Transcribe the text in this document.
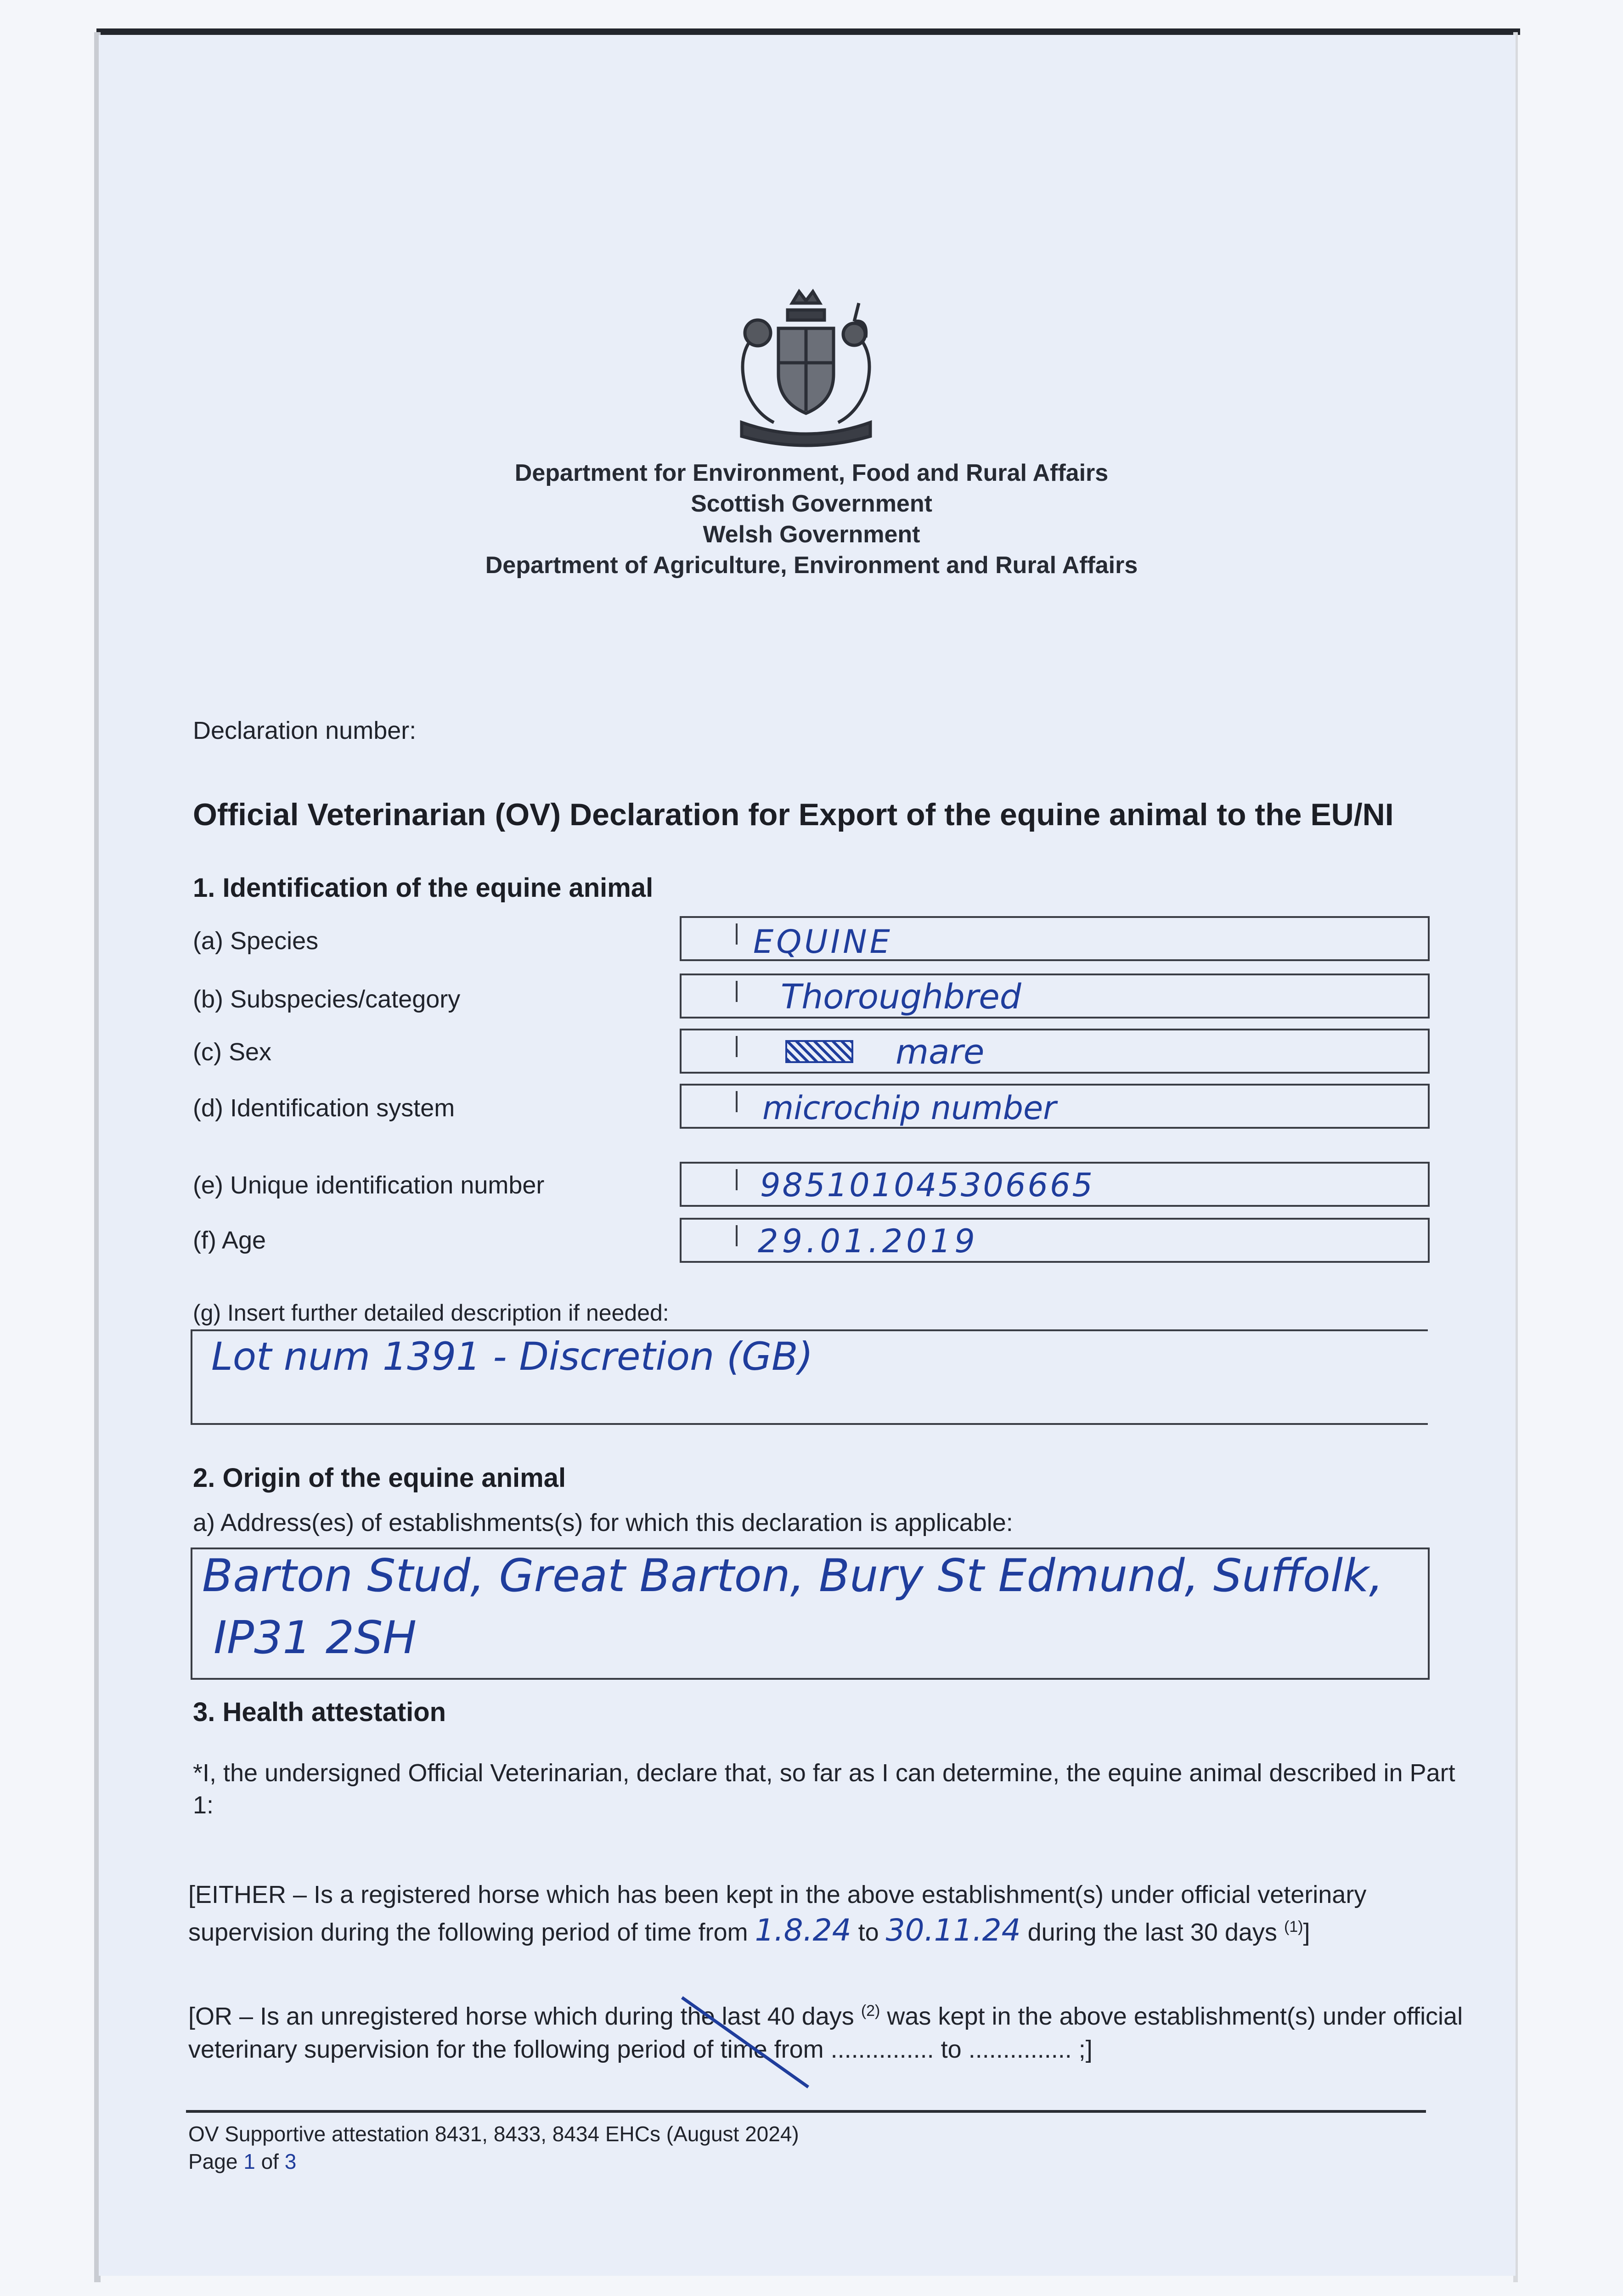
Department for Environment, Food and Rural Affairs
Scottish Government
Welsh Government
Department of Agriculture, Environment and Rural Affairs
Declaration number:
Official Veterinarian (OV) Declaration for Export of the equine animal to the EU/NI
1. Identification of the equine animal
(a) Species	EQUINE
(b) Subspecies/category	Thoroughbred
(c) Sex	mare
(d) Identification system	microchip number
(e) Unique identification number	985101045306665
(f) Age	29.01.2019
(g) Insert further detailed description if needed:
Lot num 1391 - Discretion (GB)
2. Origin of the equine animal
a) Address(es) of establishments(s) for which this declaration is applicable:
Barton Stud, Great Barton, Bury St Edmund, Suffolk,
IP31 2SH
3. Health attestation
*I, the undersigned Official Veterinarian, declare that, so far as I can determine, the equine animal described in Part
1:
[EITHER – Is a registered horse which has been kept in the above establishment(s) under official veterinary
supervision during the following period of time from 1.8.24 to 30.11.24 during the last 30 days $^{(1)}$]
[OR – Is an unregistered horse which during the last 40 days $^{(2)}$ was kept in the above establishment(s) under official
veterinary supervision for the following period of time from ............... to ............... ;]
OV Supportive attestation 8431, 8433, 8434 EHCs (August 2024)
Page 1 of 3
